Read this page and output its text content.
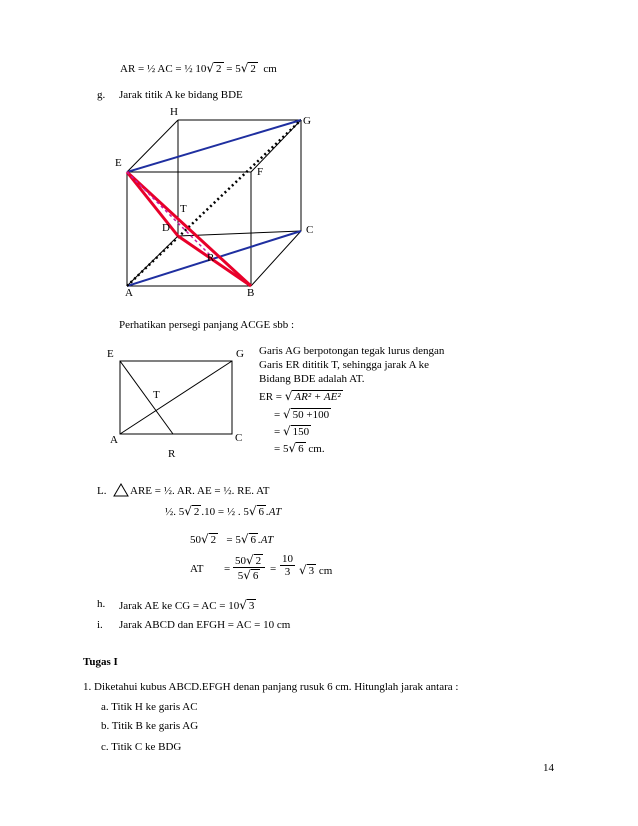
AR = ½ AC = ½ 10√ 2 = 5√ 2 cm
g. Jarak titik A ke bidang BDE
H
G
E
F
T
D	C
R
A	B
Perhatikan persegi panjang ACGE sbb :
E	G
T
A	C
R
Garis AG berpotongan tegak lurus dengan
Garis ER dititik T, sehingga jarak A ke
Bidang BDE adalah AT.
ER = √ AR² + AE²
= √ 50 +100
= √ 150
= 5√ 6 cm.
L. ARE = ½. AR. AE = ½. RE. AT
½. 5√ 2 .10 = ½ . 5√ 6 .AT
50√ 2 = 5√ 6 .AT
AT = $\frac{50√ 2}{5√ 6} = \frac{10}{3}$ √ 3 cm
h. Jarak AE ke CG = AC = 10√ 3
i. Jarak ABCD dan EFGH = AC = 10 cm
Tugas I
1. Diketahui kubus ABCD.EFGH denan panjang rusuk 6 cm. Hitunglah jarak antara :
a. Titik H ke garis AC
b. Titik B ke garis AG
c. Titik C ke BDG
14
